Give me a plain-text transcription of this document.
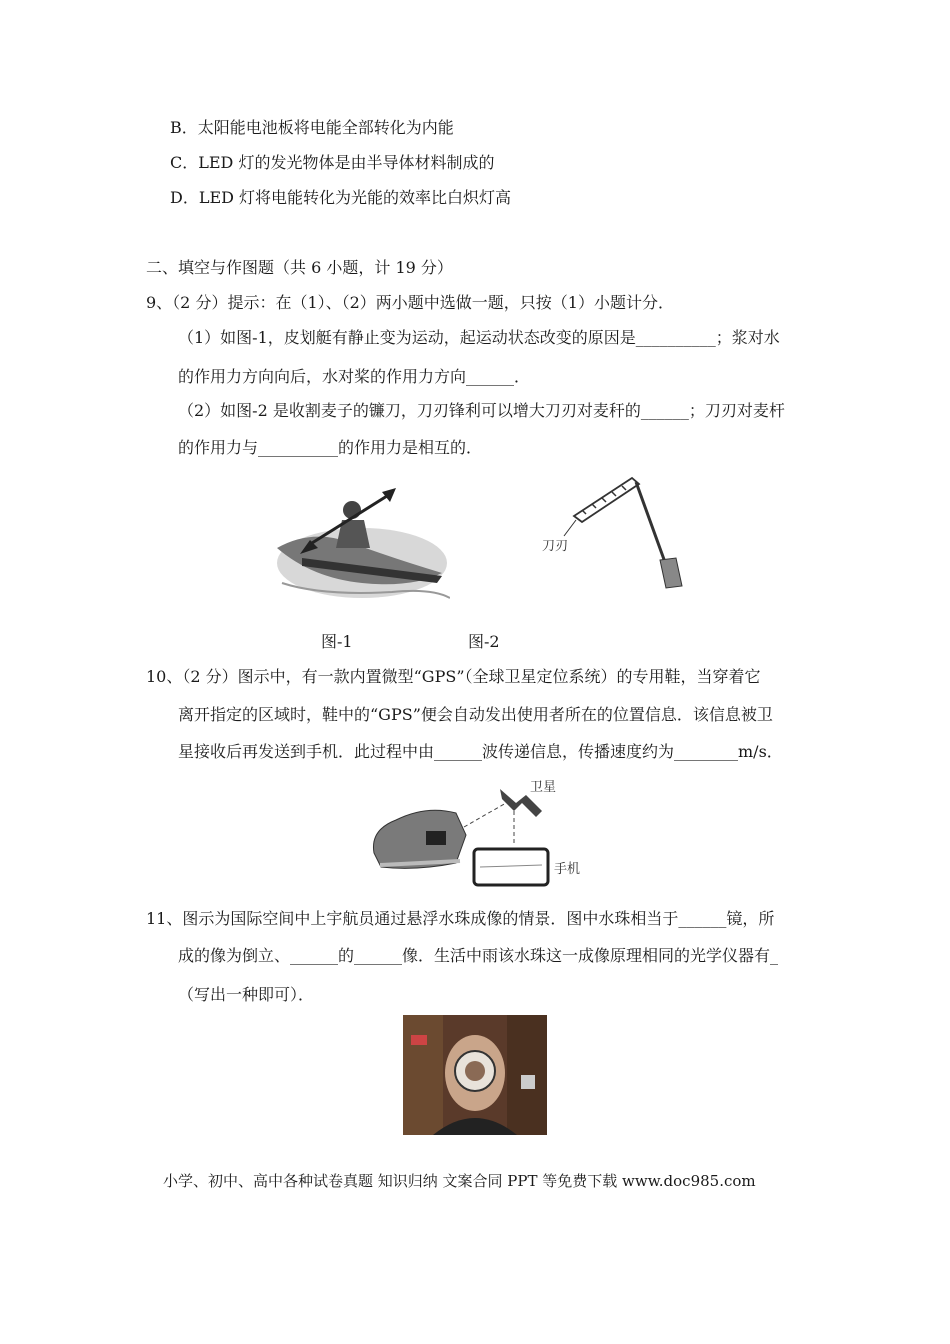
B．太阳能电池板将电能全部转化为内能
C．LED 灯的发光物体是由半导体材料制成的
D．LED 灯将电能转化为光能的效率比白炽灯高
二、填空与作图题（共 6 小题，计 19 分）
9、（2 分）提示：在（1）、（2）两小题中选做一题，只按（1）小题计分．
（1）如图-1，皮划艇有静止变为运动，起运动状态改变的原因是__________；浆对水
的作用力方向向后，水对桨的作用力方向______．
（2）如图-2 是收割麦子的镰刀，刀刃锋利可以增大刀刃对麦秆的______；刀刃对麦杆
的作用力与__________的作用力是相互的．
刀刃
图-1	图-2
10、（2 分）图示中，有一款内置微型“GPS”（全球卫星定位系统）的专用鞋，当穿着它
离开指定的区域时，鞋中的“GPS”便会自动发出使用者所在的位置信息．该信息被卫
星接收后再发送到手机．此过程中由______波传递信息，传播速度约为________m/s．
卫星
手机
11、图示为国际空间中上宇航员通过悬浮水珠成像的情景．图中水珠相当于______镜，所
成的像为倒立、______的______像．生活中雨该水珠这一成像原理相同的光学仪器有_
（写出一种即可）．
小学、初中、高中各种试卷真题 知识归纳 文案合同 PPT 等免费下载 www.doc985.com
